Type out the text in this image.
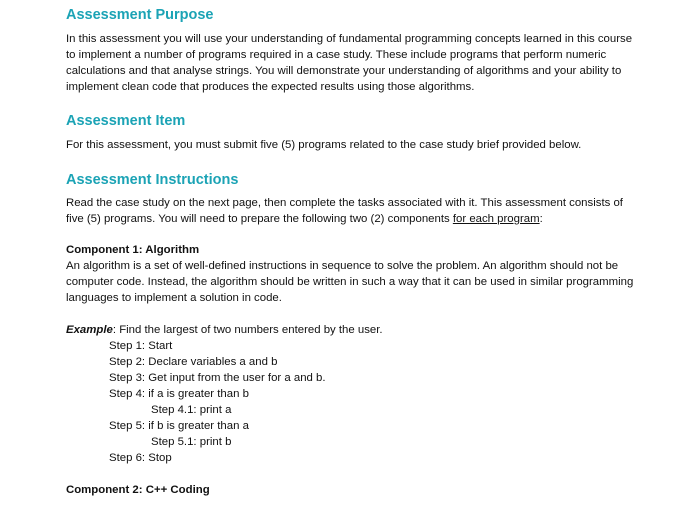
Assessment Purpose

In this assessment you will use your understanding of fundamental programming concepts learned in this course to implement a number of programs required in a case study. These include programs that perform numeric calculations and that analyse strings. You will demonstrate your understanding of algorithms and your ability to implement clean code that produces the expected results using those algorithms.

Assessment Item

For this assessment, you must submit five (5) programs related to the case study brief provided below.

Assessment Instructions

Read the case study on the next page, then complete the tasks associated with it. This assessment consists of five (5) programs. You will need to prepare the following two (2) components for each program:

Component 1: Algorithm

An algorithm is a set of well-defined instructions in sequence to solve the problem. An algorithm should not be computer code. Instead, the algorithm should be written in such a way that it can be used in similar programming languages to implement a solution in code.

Example: Find the largest of two numbers entered by the user.

Step 1: Start

Step 2: Declare variables a and b

Step 3: Get input from the user for a and b.

Step 4: if a is greater than b

Step 4.1: print a

Step 5: if b is greater than a

Step 5.1: print b

Step 6: Stop

Component 2: C++ Coding
